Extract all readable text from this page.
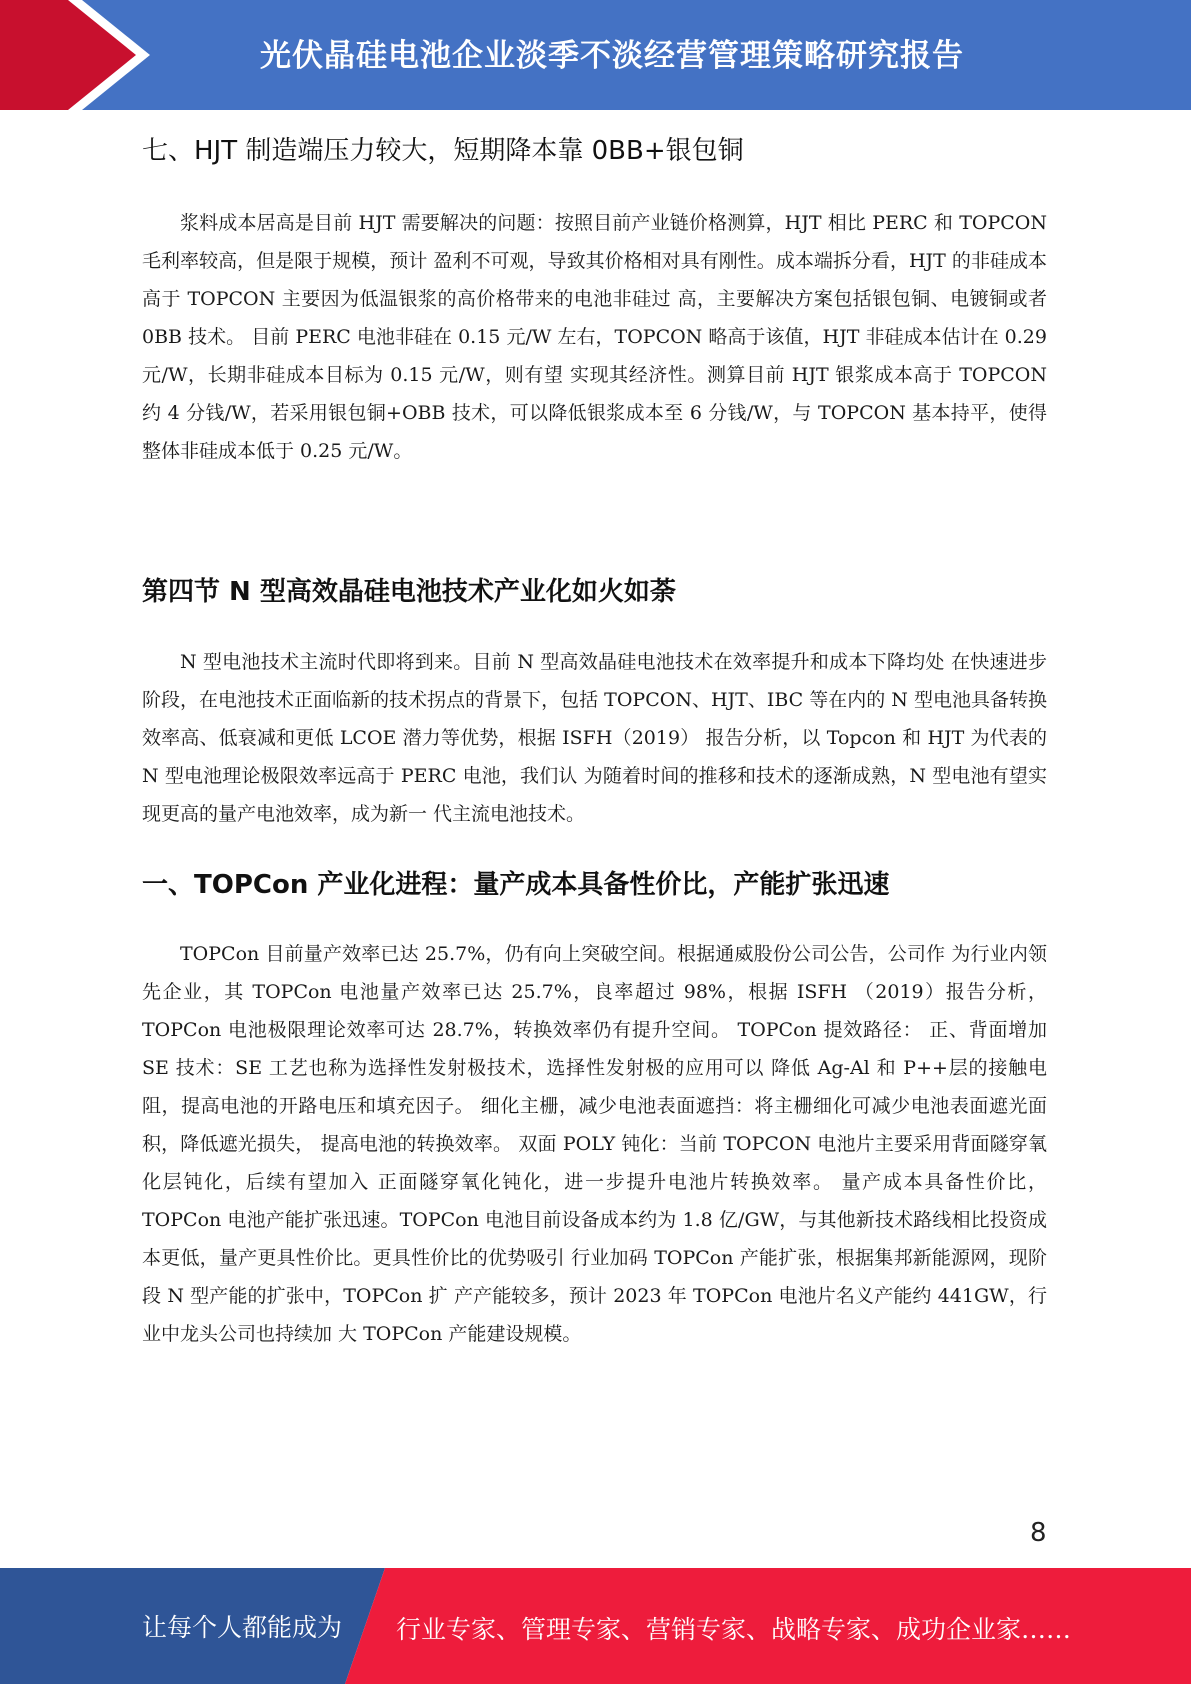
光伏晶硅电池企业淡季不淡经营管理策略研究报告
七、HJT 制造端压力较大，短期降本靠 0BB+银包铜

浆料成本居高是目前 HJT 需要解决的问题：按照目前产业链价格测算，HJT 相比 PERC 和 TOPCON 毛利率较高，但是限于规模，预计 盈利不可观，导致其价格相对具有刚性。成本端拆分看，HJT 的非硅成本高于 TOPCON 主要因为低温银浆的高价格带来的电池非硅过 高，主要解决方案包括银包铜、电镀铜或者 0BB 技术。 目前 PERC 电池非硅在 0.15 元/W 左右，TOPCON 略高于该值，HJT 非硅成本估计在 0.29 元/W，长期非硅成本目标为 0.15 元/W，则有望 实现其经济性。测算目前 HJT 银浆成本高于 TOPCON 约 4 分钱/W，若采用银包铜+OBB 技术，可以降低银浆成本至 6 分钱/W，与 TOPCON 基本持平，使得整体非硅成本低于 0.25 元/W。

第四节 N 型高效晶硅电池技术产业化如火如荼

N 型电池技术主流时代即将到来。目前 N 型高效晶硅电池技术在效率提升和成本下降均处 在快速进步阶段，在电池技术正面临新的技术拐点的背景下，包括 TOPCON、HJT、IBC 等在内的 N 型电池具备转换效率高、低衰减和更低 LCOE 潜力等优势，根据 ISFH（2019） 报告分析，以 Topcon 和 HJT 为代表的 N 型电池理论极限效率远高于 PERC 电池，我们认 为随着时间的推移和技术的逐渐成熟，N 型电池有望实现更高的量产电池效率，成为新一 代主流电池技术。

一、TOPCon 产业化进程：量产成本具备性价比，产能扩张迅速

TOPCon 目前量产效率已达 25.7%，仍有向上突破空间。根据通威股份公司公告，公司作 为行业内领先企业，其 TOPCon 电池量产效率已达 25.7%，良率超过 98%，根据 ISFH （2019）报告分析，TOPCon 电池极限理论效率可达 28.7%，转换效率仍有提升空间。 TOPCon 提效路径： 正、背面增加 SE 技术：SE 工艺也称为选择性发射极技术，选择性发射极的应用可以 降低 Ag-Al 和 P++层的接触电阻，提高电池的开路电压和填充因子。 细化主栅，减少电池表面遮挡：将主栅细化可减少电池表面遮光面积，降低遮光损失， 提高电池的转换效率。 双面 POLY 钝化：当前 TOPCON 电池片主要采用背面隧穿氧化层钝化，后续有望加入 正面隧穿氧化钝化，进一步提升电池片转换效率。 量产成本具备性价比，TOPCon 电池产能扩张迅速。TOPCon 电池目前设备成本约为 1.8 亿/GW，与其他新技术路线相比投资成本更低，量产更具性价比。更具性价比的优势吸引 行业加码 TOPCon 产能扩张，根据集邦新能源网，现阶段 N 型产能的扩张中，TOPCon 扩 产产能较多，预计 2023 年 TOPCon 电池片名义产能约 441GW，行业中龙头公司也持续加 大 TOPCon 产能建设规模。

8
让每个人都能成为 行业专家、管理专家、营销专家、战略专家、成功企业家……
